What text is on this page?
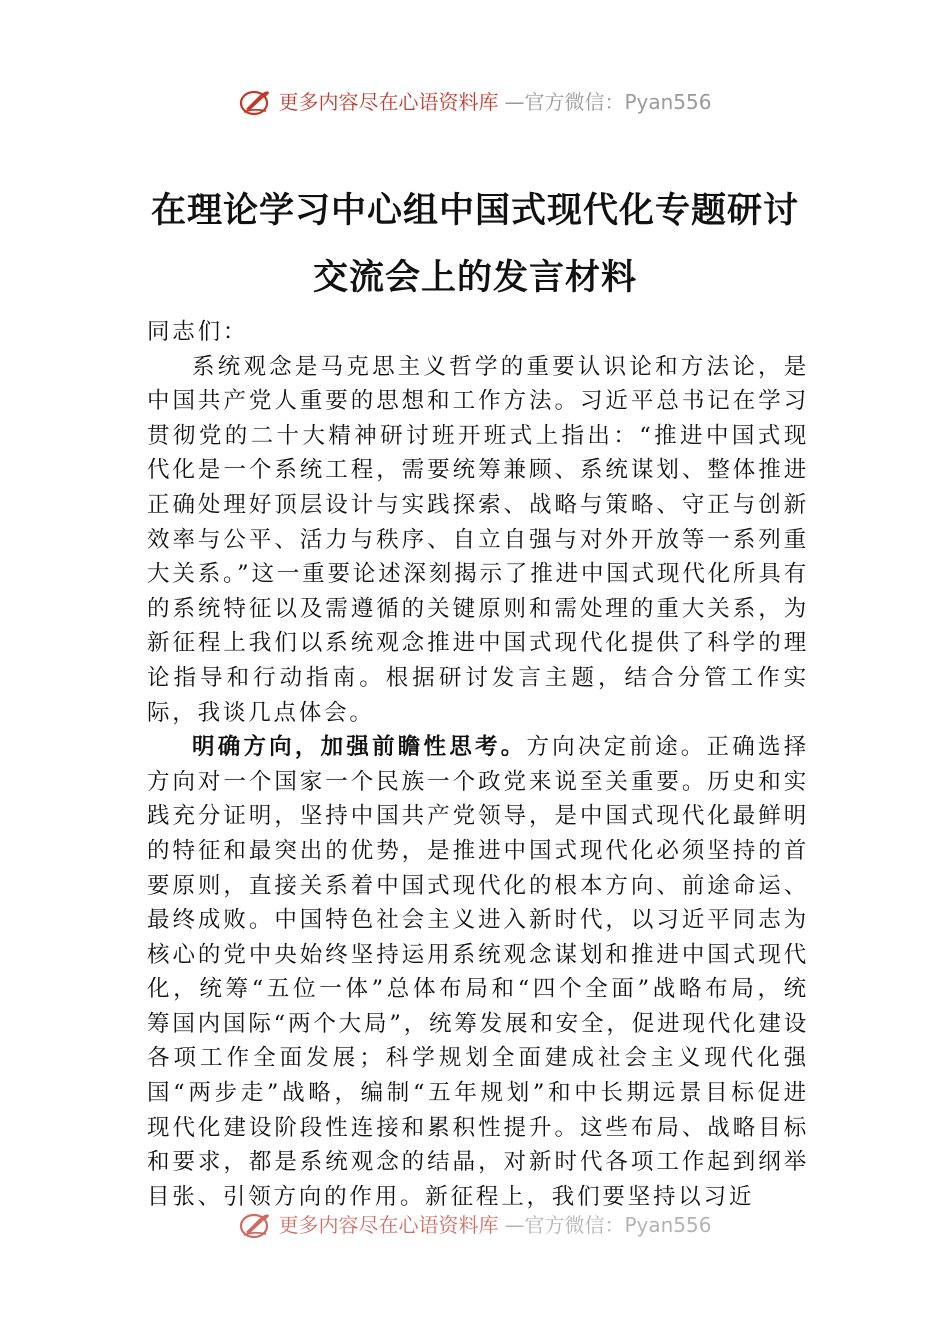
更多内容尽在心语资料库 —官方微信：Pyan556
在理论学习中心组中国式现代化专题研讨
交流会上的发言材料

同志们：

系统观念是马克思主义哲学的重要认识论和方法论，是中国共产党人重要的思想和工作方法。习近平总书记在学习贯彻党的二十大精神研讨班开班式上指出：“推进中国式现代化是一个系统工程，需要统筹兼顾、系统谋划、整体推进正确处理好顶层设计与实践探索、战略与策略、守正与创新效率与公平、活力与秩序、自立自强与对外开放等一系列重大关系。”这一重要论述深刻揭示了推进中国式现代化所具有的系统特征以及需遵循的关键原则和需处理的重大关系，为新征程上我们以系统观念推进中国式现代化提供了科学的理论指导和行动指南。根据研讨发言主题，结合分管工作实际，我谈几点体会。

明确方向，加强前瞻性思考。方向决定前途。正确选择方向对一个国家一个民族一个政党来说至关重要。历史和实践充分证明，坚持中国共产党领导，是中国式现代化最鲜明的特征和最突出的优势，是推进中国式现代化必须坚持的首要原则，直接关系着中国式现代化的根本方向、前途命运、最终成败。中国特色社会主义进入新时代，以习近平同志为核心的党中央始终坚持运用系统观念谋划和推进中国式现代化，统筹“五位一体”总体布局和“四个全面”战略布局，统筹国内国际“两个大局”，统筹发展和安全，促进现代化建设各项工作全面发展；科学规划全面建成社会主义现代化强国“两步走”战略，编制“五年规划”和中长期远景目标促进现代化建设阶段性连接和累积性提升。这些布局、战略目标和要求，都是系统观念的结晶，对新时代各项工作起到纲举目张、引领方向的作用。新征程上，我们要坚持以习近

更多内容尽在心语资料库 —官方微信：Pyan556
